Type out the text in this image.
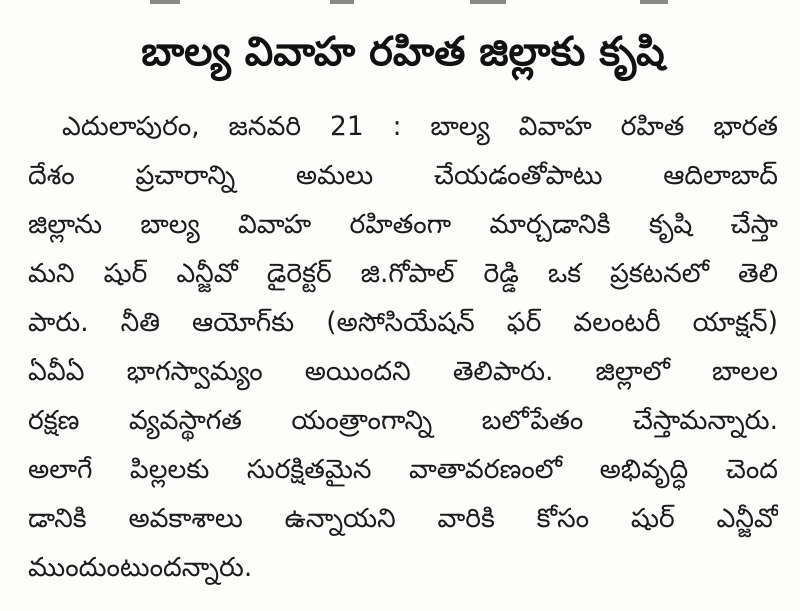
బాల్య వివాహ రహిత జిల్లాకు కృషి
ఎదులాపురం, జనవరి 21 : బాల్య వివాహ రహిత భారత
దేశం ప్రచారాన్ని అమలు చేయడంతోపాటు ఆదిలాబాద్
జిల్లాను బాల్య వివాహ రహితంగా మార్చడానికి కృషి చేస్తా
మని షుర్ ఎన్జీవో డైరెక్టర్ జి.గోపాల్ రెడ్డి ఒక ప్రకటనలో తెలి
పారు. నీతి ఆయోగ్‌కు (అసోసియేషన్ ఫర్ వలంటరీ యాక్షన్)
ఏవీఏ భాగస్వామ్యం అయిందని తెలిపారు. జిల్లాలో బాలల
రక్షణ వ్యవస్థాగత యంత్రాంగాన్ని బలోపేతం చేస్తామన్నారు.
అలాగే పిల్లలకు సురక్షితమైన వాతావరణంలో అభివృద్ధి చెంద
డానికి అవకాశాలు ఉన్నాయని వారికి కోసం షుర్ ఎన్జీవో
ముందుంటుందన్నారు.
